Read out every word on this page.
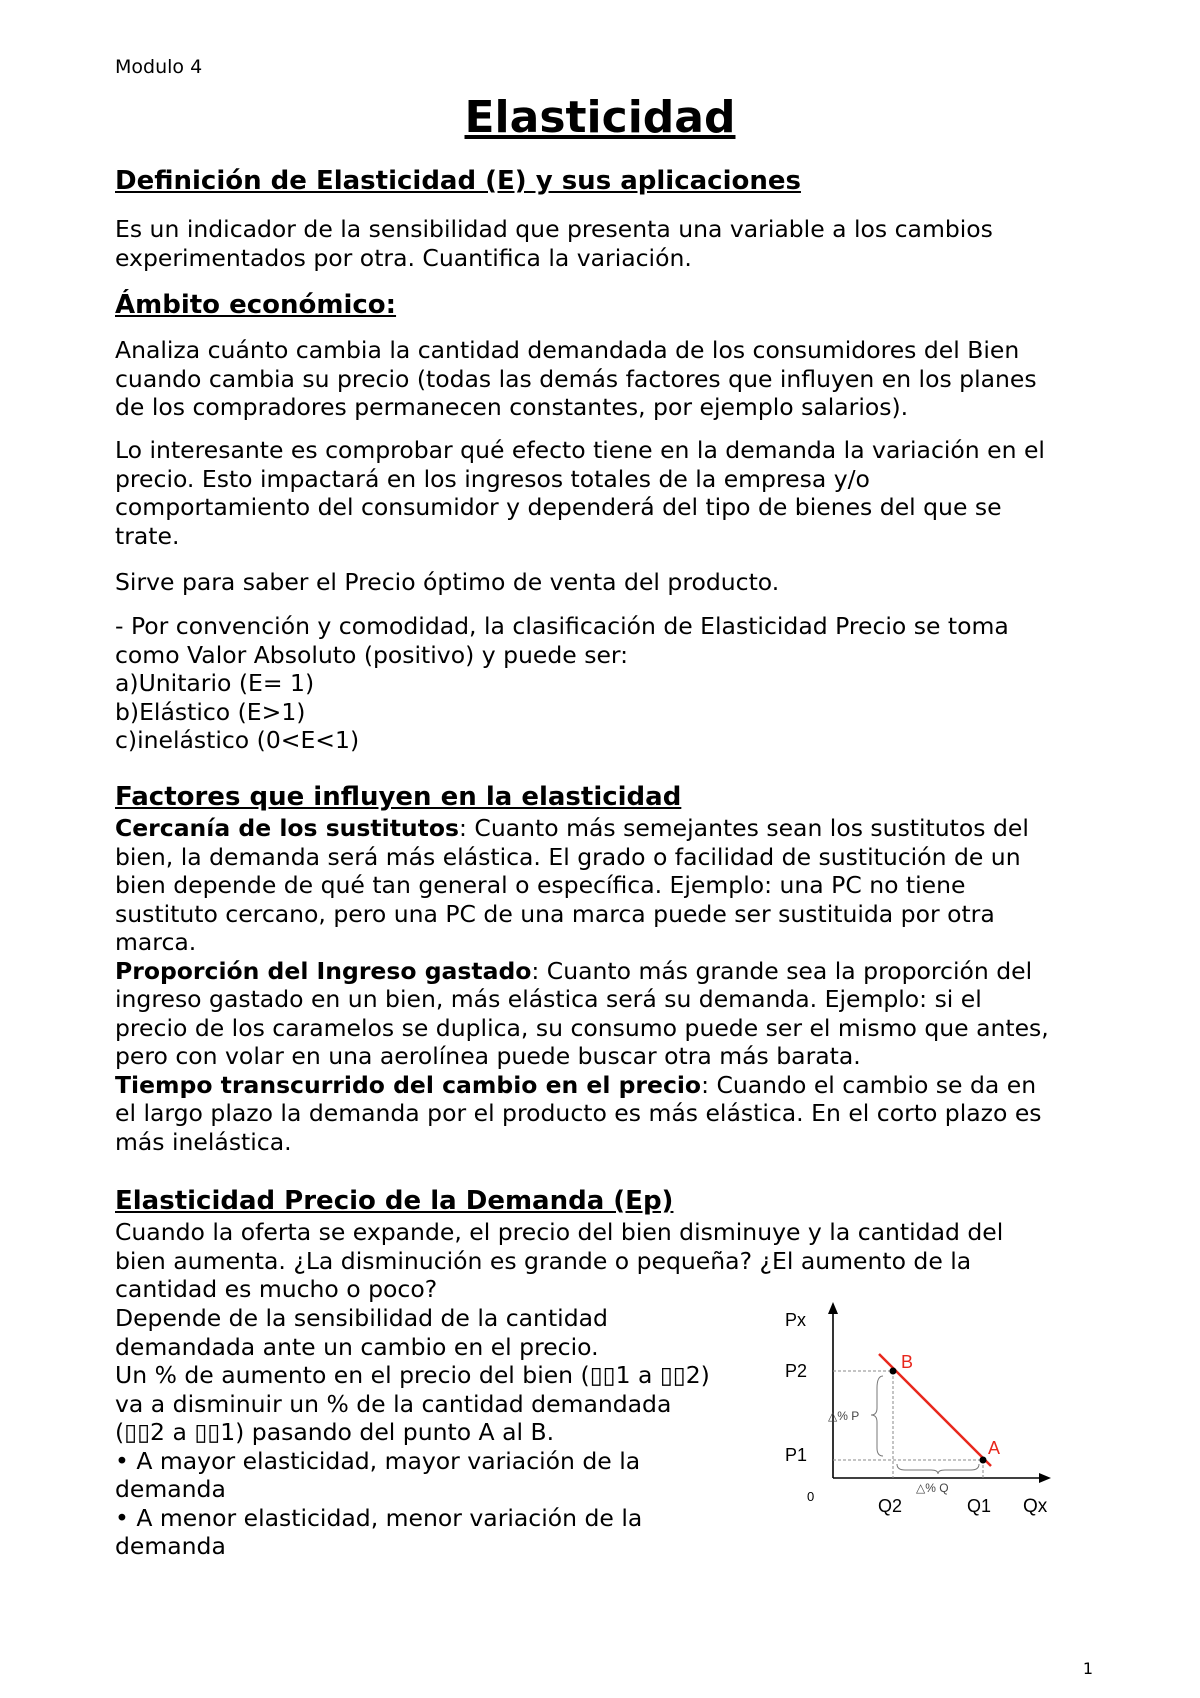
Modulo 4
Elasticidad
Definición de Elasticidad (E) y sus aplicaciones
Es un indicador de la sensibilidad que presenta una variable a los cambios
experimentados por otra. Cuantifica la variación.
Ámbito económico:
Analiza cuánto cambia la cantidad demandada de los consumidores del Bien
cuando cambia su precio (todas las demás factores que influyen en los planes
de los compradores permanecen constantes, por ejemplo salarios).
Lo interesante es comprobar qué efecto tiene en la demanda la variación en el
precio. Esto impactará en los ingresos totales de la empresa y/o
comportamiento del consumidor y dependerá del tipo de bienes del que se
trate.
Sirve para saber el Precio óptimo de venta del producto.
- Por convención y comodidad, la clasificación de Elasticidad Precio se toma
como Valor Absoluto (positivo) y puede ser:
a)Unitario (E= 1)
b)Elástico (E>1)
c)inelástico (0<E<1)
Factores que influyen en la elasticidad
Cercanía de los sustitutos: Cuanto más semejantes sean los sustitutos del
bien, la demanda será más elástica. El grado o facilidad de sustitución de un
bien depende de qué tan general o específica. Ejemplo: una PC no tiene
sustituto cercano, pero una PC de una marca puede ser sustituida por otra
marca.
Proporción del Ingreso gastado: Cuanto más grande sea la proporción del
ingreso gastado en un bien, más elástica será su demanda. Ejemplo: si el
precio de los caramelos se duplica, su consumo puede ser el mismo que antes,
pero con volar en una aerolínea puede buscar otra más barata.
Tiempo transcurrido del cambio en el precio: Cuando el cambio se da en
el largo plazo la demanda por el producto es más elástica. En el corto plazo es
más inelástica.
Elasticidad Precio de la Demanda (Ep)
Cuando la oferta se expande, el precio del bien disminuye y la cantidad del
bien aumenta. ¿La disminución es grande o pequeña? ¿El aumento de la
cantidad es mucho o poco?
Depende de la sensibilidad de la cantidad
demandada ante un cambio en el precio.
Un % de aumento en el precio del bien (▯▯1 a ▯▯2)
va a disminuir un % de la cantidad demandada
(▯▯2 a ▯▯1) pasando del punto A al B.
• A mayor elasticidad, mayor variación de la
demanda
• A menor elasticidad, menor variación de la
demanda
Px
Qx
0
P2
P1
Q2	Q1
△% P
△% Q
B
A
1
